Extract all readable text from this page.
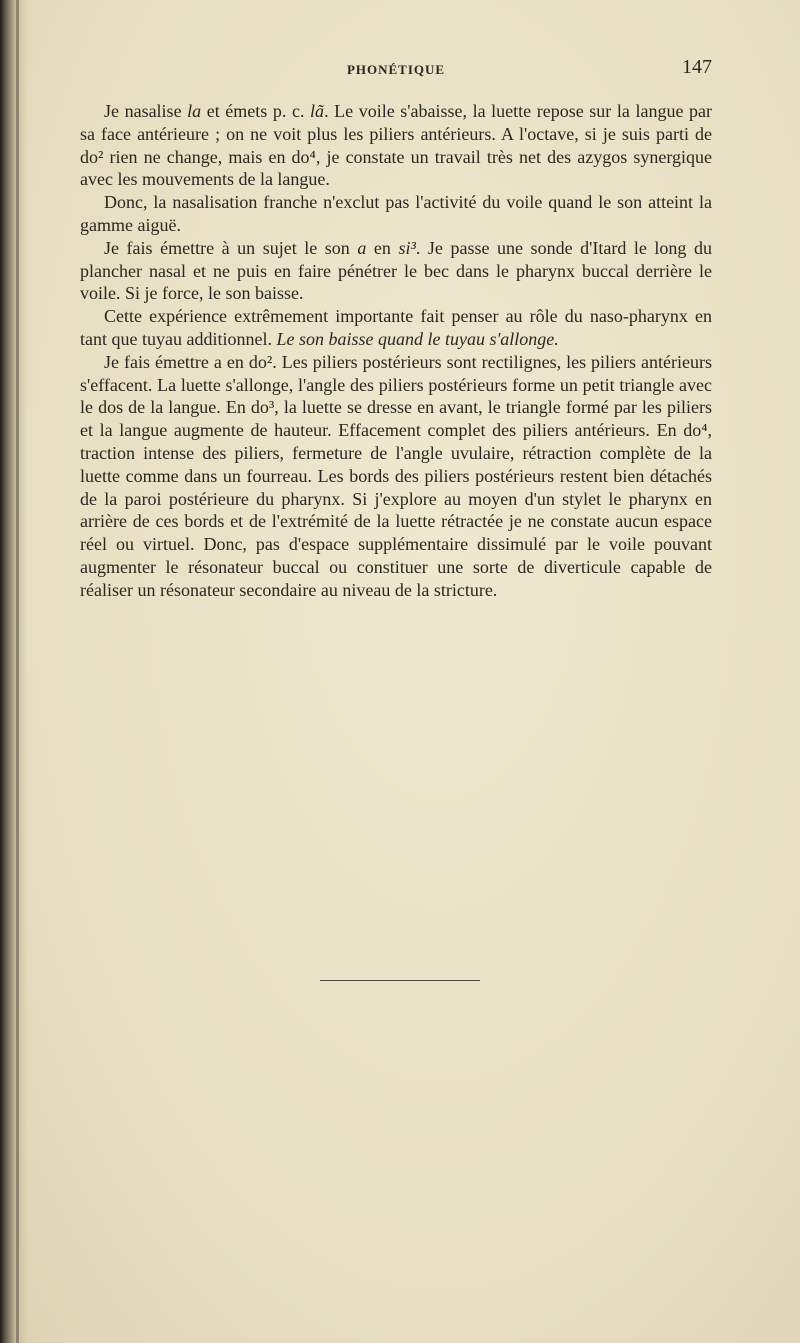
PHONÉTIQUE	147

Je nasalise la et émets p. c. lã. Le voile s'abaisse, la luette repose sur la langue par sa face antérieure ; on ne voit plus les piliers antérieurs. A l'octave, si je suis parti de do² rien ne change, mais en do⁴, je constate un travail très net des azygos synergique avec les mouvements de la langue.

Donc, la nasalisation franche n'exclut pas l'activité du voile quand le son atteint la gamme aiguë.

Je fais émettre à un sujet le son a en si³. Je passe une sonde d'Itard le long du plancher nasal et ne puis en faire pénétrer le bec dans le pharynx buccal derrière le voile. Si je force, le son baisse.

Cette expérience extrêmement importante fait penser au rôle du naso-pharynx en tant que tuyau additionnel. Le son baisse quand le tuyau s'allonge.

Je fais émettre a en do². Les piliers postérieurs sont rectilignes, les piliers antérieurs s'effacent. La luette s'allonge, l'angle des piliers postérieurs forme un petit triangle avec le dos de la langue. En do³, la luette se dresse en avant, le triangle formé par les piliers et la langue augmente de hauteur. Effacement complet des piliers antérieurs. En do⁴, traction intense des piliers, fermeture de l'angle uvulaire, rétraction complète de la luette comme dans un fourreau. Les bords des piliers postérieurs restent bien détachés de la paroi postérieure du pharynx. Si j'explore au moyen d'un stylet le pharynx en arrière de ces bords et de l'extrémité de la luette rétractée je ne constate aucun espace réel ou virtuel. Donc, pas d'espace supplémentaire dissimulé par le voile pouvant augmenter le résonateur buccal ou constituer une sorte de diverticule capable de réaliser un résonateur secondaire au niveau de la stricture.
